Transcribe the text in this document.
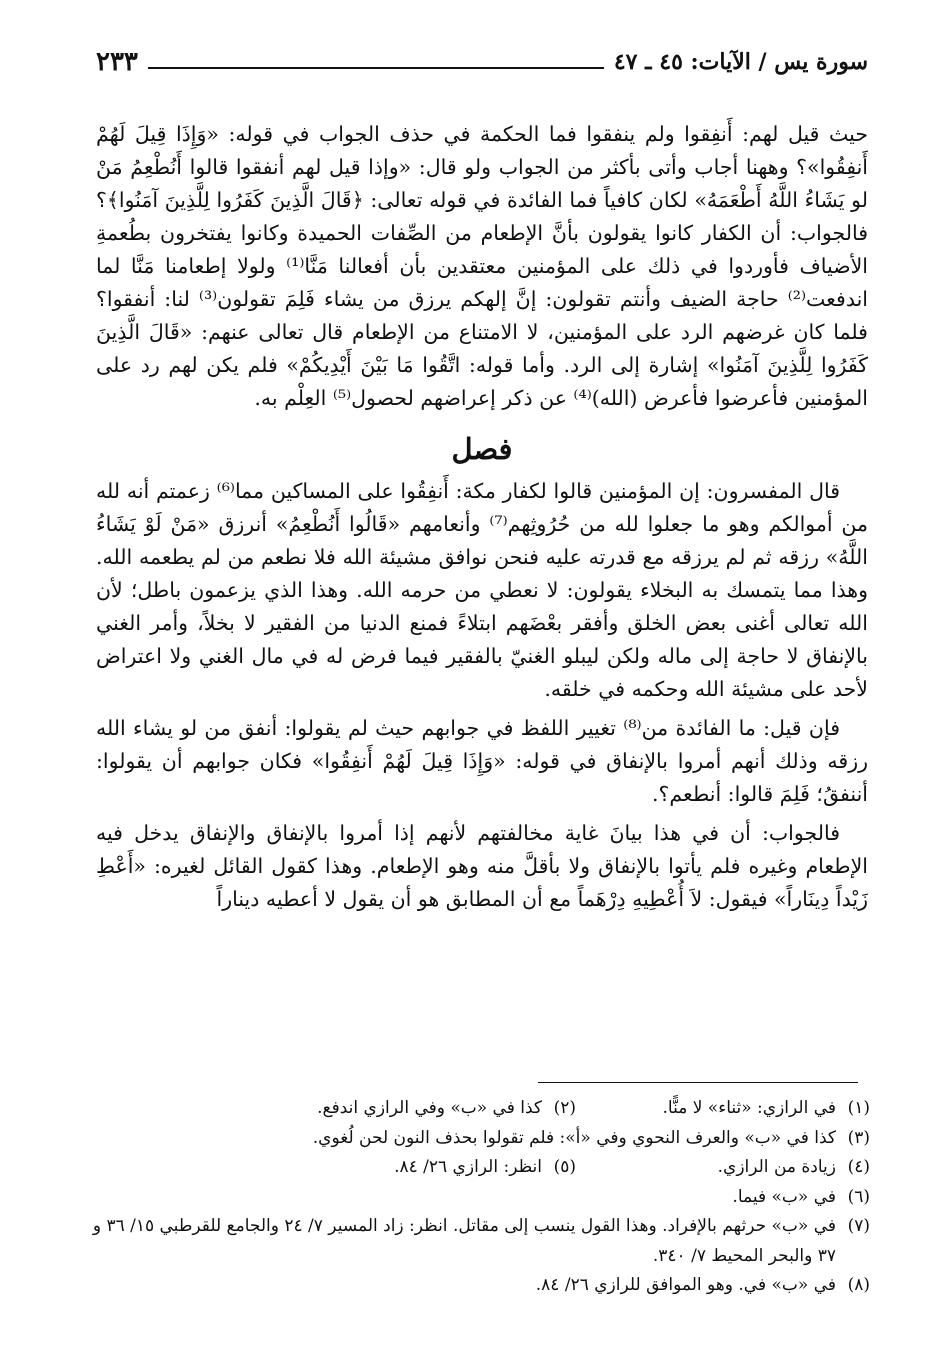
سورة يس / الآيات: ٤٥ ـ ٤٧
٢٣٣

حيث قيل لهم: أَنفِقوا ولم ينفقوا فما الحكمة في حذف الجواب في قوله: «وَإِذَا قِيلَ لَهُمْ أَنفِقُوا»؟ وههنا أجاب وأتى بأكثر من الجواب ولو قال: «وإذا قيل لهم أنفقوا قالوا أَنُطْعِمُ مَنْ لو يَشَاءُ اللَّهُ أَطْعَمَهُ» لكان كافياً فما الفائدة في قوله تعالى: ﴿قَالَ الَّذِينَ كَفَرُوا لِلَّذِينَ آمَنُوا﴾؟ فالجواب: أن الكفار كانوا يقولون بأنَّ الإطعام من الصِّفات الحميدة وكانوا يفتخرون بطُعمةِ الأضياف فأوردوا في ذلك على المؤمنين معتقدين بأن أفعالنا مَنَّا⁽¹⁾ ولولا إطعامنا مَنَّا لما اندفعت⁽²⁾ حاجة الضيف وأنتم تقولون: إنَّ إلهكم يرزق من يشاء فَلِمَ تقولون⁽³⁾ لنا: أنفقوا؟ فلما كان غرضهم الرد على المؤمنين، لا الامتناع من الإطعام قال تعالى عنهم: «قَالَ الَّذِينَ كَفَرُوا لِلَّذِينَ آمَنُوا» إشارة إلى الرد. وأما قوله: اتَّقُوا مَا بَيْنَ أَيْدِيكُمْ» فلم يكن لهم رد على المؤمنين فأعرضوا فأعرض (الله)⁽⁴⁾ عن ذكر إعراضهم لحصول⁽⁵⁾ العِلْم به.

فصل

قال المفسرون: إن المؤمنين قالوا لكفار مكة: أَنفِقُوا على المساكين مما⁽⁶⁾ زعمتم أنه لله من أموالكم وهو ما جعلوا لله من حُرُوثِهم⁽⁷⁾ وأنعامهم «قَالُوا أَنُطْعِمُ» أنرزق «مَنْ لَوْ يَشَاءُ اللَّهُ» رزقه ثم لم يرزقه مع قدرته عليه فنحن نوافق مشيئة الله فلا نطعم من لم يطعمه الله. وهذا مما يتمسك به البخلاء يقولون: لا نعطي من حرمه الله. وهذا الذي يزعمون باطل؛ لأن الله تعالى أغنى بعض الخلق وأفقر بعْضَهم ابتلاءً فمنع الدنيا من الفقير لا بخلاً، وأمر الغني بالإنفاق لا حاجة إلى ماله ولكن ليبلو الغنيّ بالفقير فيما فرض له في مال الغني ولا اعتراض لأحد على مشيئة الله وحكمه في خلقه.

فإن قيل: ما الفائدة من⁽⁸⁾ تغيير اللفظ في جوابهم حيث لم يقولوا: أنفق من لو يشاء الله رزقه وذلك أنهم أمروا بالإنفاق في قوله: «وَإِذَا قِيلَ لَهُمْ أَنفِقُوا» فكان جوابهم أن يقولوا: أننفقُ؛ فَلِمَ قالوا: أنطعم؟.

فالجواب: أن في هذا بيانَ غاية مخالفتهم لأنهم إذا أمروا بالإنفاق والإنفاق يدخل فيه الإطعام وغيره فلم يأتوا بالإنفاق ولا بأقلَّ منه وهو الإطعام. وهذا كقول القائل لغيره: «أَعْطِ زَيْداً دِينَاراً» فيقول: لاَ أُعْطِيهِ دِرْهَماً مع أن المطابق هو أن يقول لا أعطيه ديناراً

(١)
في الرازي: «ثناء» لا منًّا.
(٢)
كذا في «ب» وفي الرازي اندفع.
(٣)
كذا في «ب» والعرف النحوي وفي «أ»: فلم تقولوا بحذف النون لحن لُغوي.
(٤)
زيادة من الرازي.
(٥)
انظر: الرازي ٢٦/ ٨٤.
(٦)
في «ب» فيما.
(٧)
في «ب» حرثهم بالإفراد. وهذا القول ينسب إلى مقاتل. انظر: زاد المسير ٧/ ٢٤ والجامع للقرطبي ١٥/ ٣٦ و ٣٧ والبحر المحيط ٧/ ٣٤٠.
(٨)
في «ب» في. وهو الموافق للرازي ٢٦/ ٨٤.
